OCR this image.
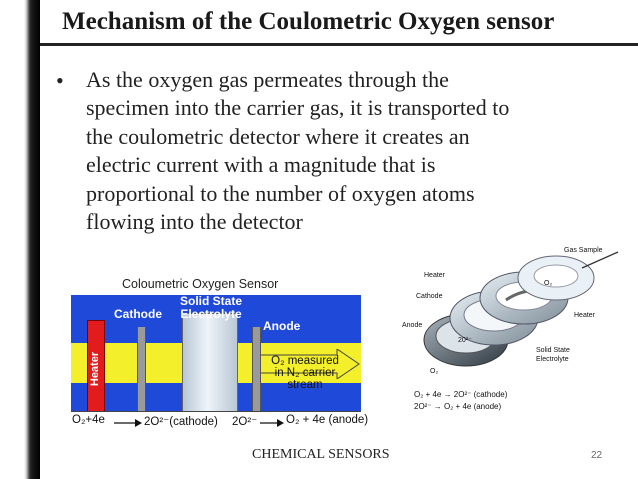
Mechanism of the Coulometric Oxygen sensor
• As the oxygen gas permeates through the
specimen into the carrier gas, it is transported to
the coulometric detector where it creates an
electric current with a magnitude that is
proportional to the number of oxygen atoms
flowing into the detector
Coloumetric Oxygen Sensor
Heater
Cathode
Solid State
Electrolyte
Anode
O₂ measured
in N₂ carrier
stream
O₂+4e	2O²⁻(cathode) 2O²⁻	O₂ + 4e (anode)
Gas Sample
Heater
Cathode
Anode
O₂
20²⁻
O₂
Heater
Solid State
Electrolyte
O₂ + 4e → 2O²⁻ (cathode)
2O²⁻ → O₂ + 4e (anode)
CHEMICAL SENSORS	22
